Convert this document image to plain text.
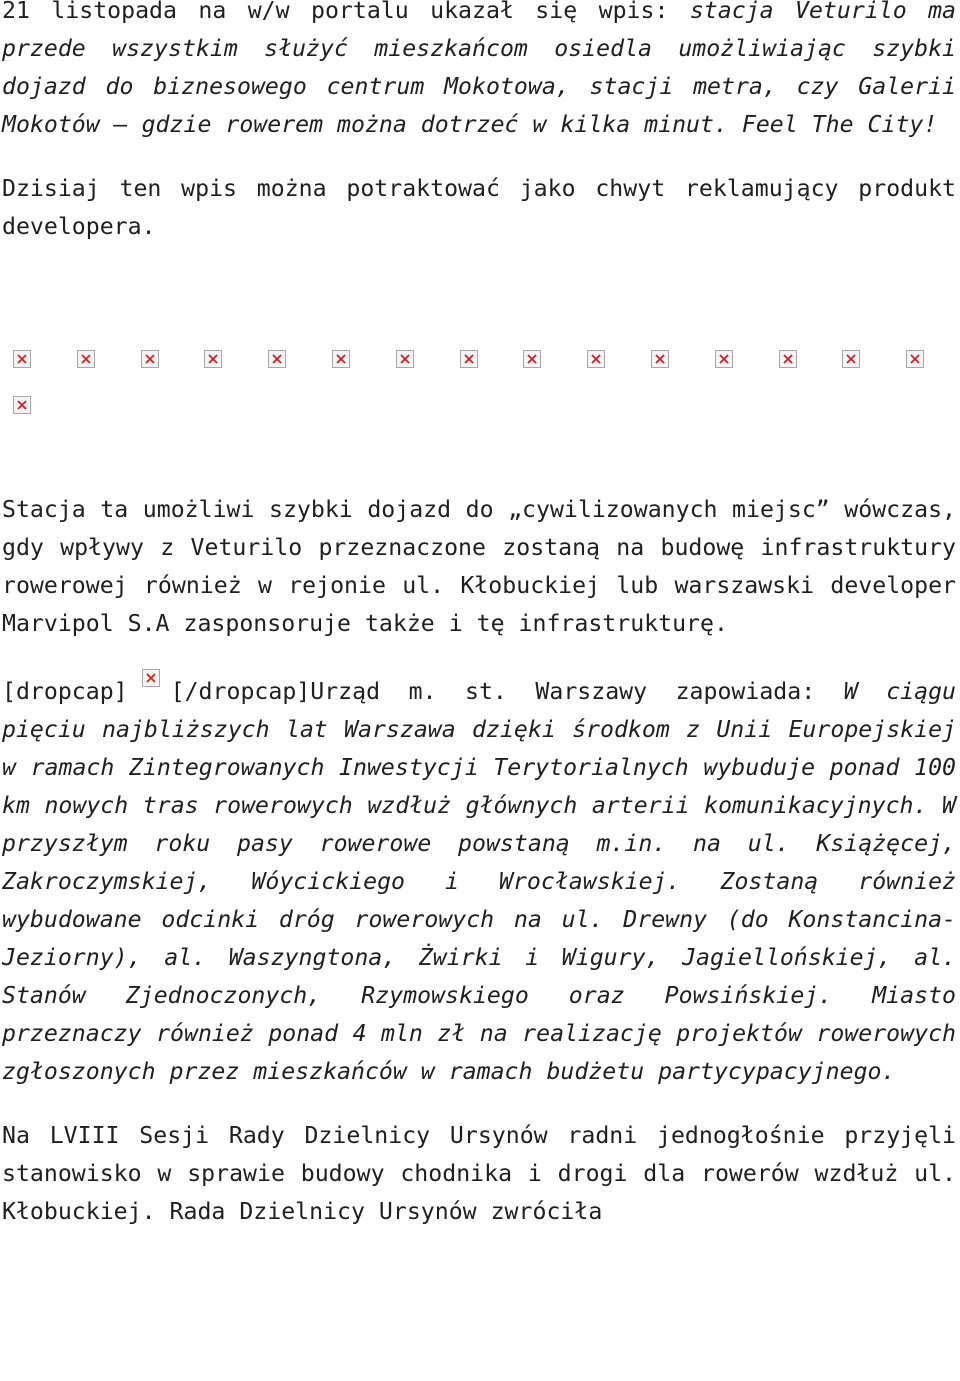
21 listopada na w/w portalu ukazał się wpis: stacja Veturilo ma przede wszystkim służyć mieszkańcom osiedla umożliwiając szybki dojazd do biznesowego centrum Mokotowa, stacji metra, czy Galerii Mokotów – gdzie rowerem można dotrzeć w kilka minut. Feel The City!

Dzisiaj ten wpis można potraktować jako chwyt reklamujący produkt developera.

Stacja ta umożliwi szybki dojazd do „cywilizowanych miejsc” wówczas, gdy wpływy z Veturilo przeznaczone zostaną na budowę infrastruktury rowerowej również w rejonie ul. Kłobuckiej lub warszawski developer Marvipol S.A zasponsoruje także i tę infrastrukturę.

[dropcap] [/dropcap]Urząd m. st. Warszawy zapowiada: W ciągu pięciu najbliższych lat Warszawa dzięki środkom z Unii Europejskiej w ramach Zintegrowanych Inwestycji Terytorialnych wybuduje ponad 100 km nowych tras rowerowych wzdłuż głównych arterii komunikacyjnych. W przyszłym roku pasy rowerowe powstaną m.in. na ul. Książęcej, Zakroczymskiej, Wóycickiego i Wrocławskiej. Zostaną również wybudowane odcinki dróg rowerowych na ul. Drewny (do Konstancina-Jeziorny), al. Waszyngtona, Żwirki i Wigury, Jagiellońskiej, al. Stanów Zjednoczonych, Rzymowskiego oraz Powsińskiej. Miasto przeznaczy również ponad 4 mln zł na realizację projektów rowerowych zgłoszonych przez mieszkańców w ramach budżetu partycypacyjnego.

Na LVIII Sesji Rady Dzielnicy Ursynów radni jednogłośnie przyjęli stanowisko w sprawie budowy chodnika i drogi dla rowerów wzdłuż ul. Kłobuckiej. Rada Dzielnicy Ursynów zwróciła
